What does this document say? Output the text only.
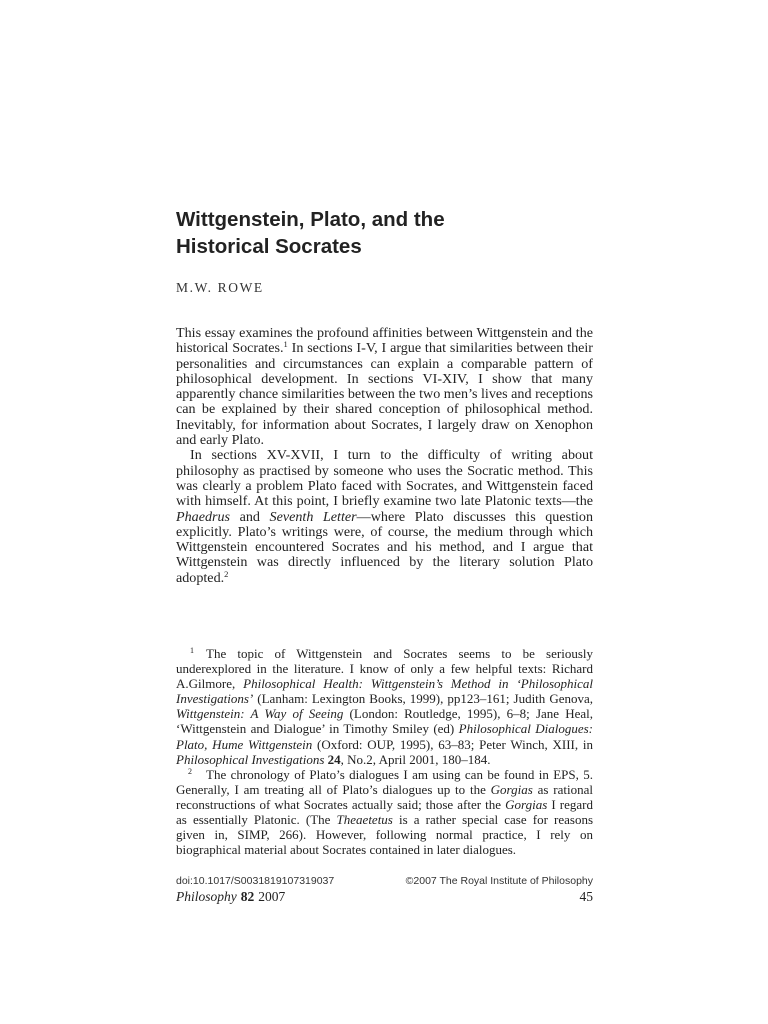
Wittgenstein, Plato, and the
Historical Socrates

M.W. ROWE

This essay examines the profound affinities between Wittgenstein and the historical Socrates.$^1$ In sections I-V, I argue that similarities between their personalities and circumstances can explain a comparable pattern of philosophical development. In sections VI-XIV, I show that many apparently chance similarities between the two men’s lives and receptions can be explained by their shared conception of philosophical method. Inevitably, for information about Socrates, I largely draw on Xenophon and early Plato.

In sections XV-XVII, I turn to the difficulty of writing about philosophy as practised by someone who uses the Socratic method. This was clearly a problem Plato faced with Socrates, and Wittgenstein faced with himself. At this point, I briefly examine two late Platonic texts—the Phaedrus and Seventh Letter—where Plato discusses this question explicitly. Plato’s writings were, of course, the medium through which Wittgenstein encountered Socrates and his method, and I argue that Wittgenstein was directly influenced by the literary solution Plato adopted.$^2$

$^1$ The topic of Wittgenstein and Socrates seems to be seriously underexplored in the literature. I know of only a few helpful texts: Richard A.Gilmore, Philosophical Health: Wittgenstein’s Method in ‘Philosophical Investigations’ (Lanham: Lexington Books, 1999), pp123–161; Judith Genova, Wittgenstein: A Way of Seeing (London: Routledge, 1995), 6–8; Jane Heal, ‘Wittgenstein and Dialogue’ in Timothy Smiley (ed) Philosophical Dialogues: Plato, Hume Wittgenstein (Oxford: OUP, 1995), 63–83; Peter Winch, XIII, in Philosophical Investigations 24, No.2, April 2001, 180–184.

$^2$ The chronology of Plato’s dialogues I am using can be found in EPS, 5. Generally, I am treating all of Plato’s dialogues up to the Gorgias as rational reconstructions of what Socrates actually said; those after the Gorgias I regard as essentially Platonic. (The Theaetetus is a rather special case for reasons given in, SIMP, 266). However, following normal practice, I rely on biographical material about Socrates contained in later dialogues.

doi:10.1017/S0031819107319037	©2007 The Royal Institute of Philosophy

Philosophy 82 2007	45
